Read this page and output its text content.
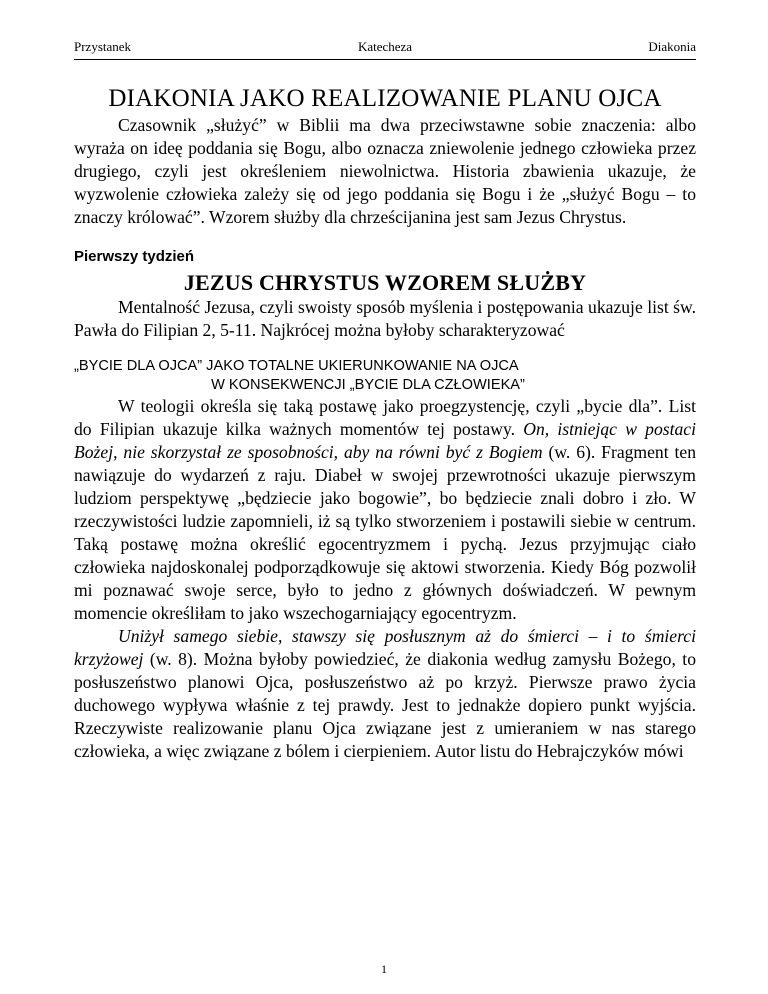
Przystanek	Katecheza	Diakonia
DIAKONIA JAKO REALIZOWANIE PLANU OJCA

Czasownik „służyć” w Biblii ma dwa przeciwstawne sobie znaczenia: albo wyraża on ideę poddania się Bogu, albo oznacza zniewolenie jednego człowieka przez drugiego, czyli jest określeniem niewolnictwa. Historia zbawienia ukazuje, że wyzwolenie człowieka zależy się od jego poddania się Bogu i że „służyć Bogu – to znaczy królować”. Wzorem służby dla chrześcijanina jest sam Jezus Chrystus.

Pierwszy tydzień
JEZUS CHRYSTUS WZOREM SŁUŻBY

Mentalność Jezusa, czyli swoisty sposób myślenia i postępowania ukazuje list św. Pawła do Filipian 2, 5-11. Najkrócej można byłoby scharakteryzować

„BYCIE DLA OJCA” JAKO TOTALNE UKIERUNKOWANIE NA OJCA
W KONSEKWENCJI „BYCIE DLA CZŁOWIEKA”

W teologii określa się taką postawę jako proegzystencję, czyli „bycie dla”. List do Filipian ukazuje kilka ważnych momentów tej postawy. On, istniejąc w postaci Bożej, nie skorzystał ze sposobności, aby na równi być z Bogiem (w. 6). Fragment ten nawiązuje do wydarzeń z raju. Diabeł w swojej przewrotności ukazuje pierwszym ludziom perspektywę „będziecie jako bogowie”, bo będziecie znali dobro i zło. W rzeczywistości ludzie zapomnieli, iż są tylko stworzeniem i postawili siebie w centrum. Taką postawę można określić egocentryzmem i pychą. Jezus przyjmując ciało człowieka najdoskonalej podporządkowuje się aktowi stworzenia. Kiedy Bóg pozwolił mi poznawać swoje serce, było to jedno z głównych doświadczeń. W pewnym momencie określiłam to jako wszechogarniający egocentryzm.

Uniżył samego siebie, stawszy się posłusznym aż do śmierci – i to śmierci krzyżowej (w. 8). Można byłoby powiedzieć, że diakonia według zamysłu Bożego, to posłuszeństwo planowi Ojca, posłuszeństwo aż po krzyż. Pierwsze prawo życia duchowego wypływa właśnie z tej prawdy. Jest to jednakże dopiero punkt wyjścia. Rzeczywiste realizowanie planu Ojca związane jest z umieraniem w nas starego człowieka, a więc związane z bólem i cierpieniem. Autor listu do Hebrajczyków mówi

1
